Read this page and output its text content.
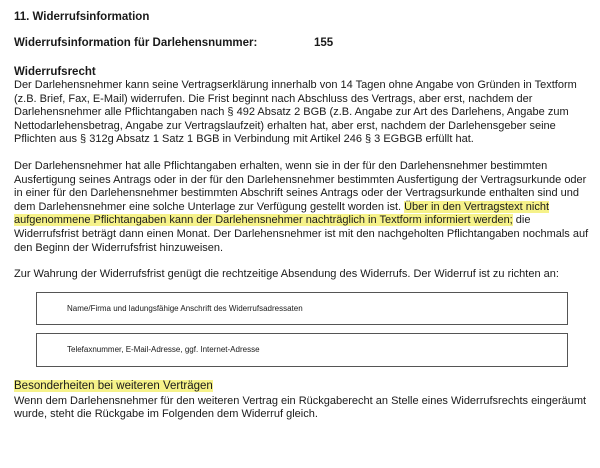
11. Widerrufsinformation
Widerrufsinformation für Darlehensnummer:	155
Widerrufsrecht

Der Darlehensnehmer kann seine Vertragserklärung innerhalb von 14 Tagen ohne Angabe von Gründen in Textform (z.B. Brief, Fax, E-Mail) widerrufen. Die Frist beginnt nach Abschluss des Vertrags, aber erst, nachdem der Darlehensnehmer alle Pflichtangaben nach § 492 Absatz 2 BGB (z.B. Angabe zur Art des Darlehens, Angabe zum Nettodarlehensbetrag, Angabe zur Vertragslaufzeit) erhalten hat, aber erst, nachdem der Darlehensgeber seine Pflichten aus § 312g Absatz 1 Satz 1 BGB in Verbindung mit Artikel 246 § 3 EGBGB erfüllt hat.

Der Darlehensnehmer hat alle Pflichtangaben erhalten, wenn sie in der für den Darlehensnehmer bestimmten Ausfertigung seines Antrags oder in der für den Darlehensnehmer bestimmten Ausfertigung der Vertragsurkunde oder in einer für den Darlehensnehmer bestimmten Abschrift seines Antrags oder der Vertragsurkunde enthalten sind und dem Darlehensnehmer eine solche Unterlage zur Verfügung gestellt worden ist. Über in den Vertragstext nicht aufgenommene Pflichtangaben kann der Darlehensnehmer nachträglich in Textform informiert werden; die Widerrufsfrist beträgt dann einen Monat. Der Darlehensnehmer ist mit den nachgeholten Pflichtangaben nochmals auf den Beginn der Widerrufsfrist hinzuweisen.

Zur Wahrung der Widerrufsfrist genügt die rechtzeitige Absendung des Widerrufs. Der Widerruf ist zu richten an:

Name/Firma und ladungsfähige Anschrift des Widerrufsadressaten
Telefaxnummer, E-Mail-Adresse, ggf. Internet-Adresse
Besonderheiten bei weiteren Verträgen

Wenn dem Darlehensnehmer für den weiteren Vertrag ein Rückgaberecht an Stelle eines Widerrufsrechts eingeräumt wurde, steht die Rückgabe im Folgenden dem Widerruf gleich.
